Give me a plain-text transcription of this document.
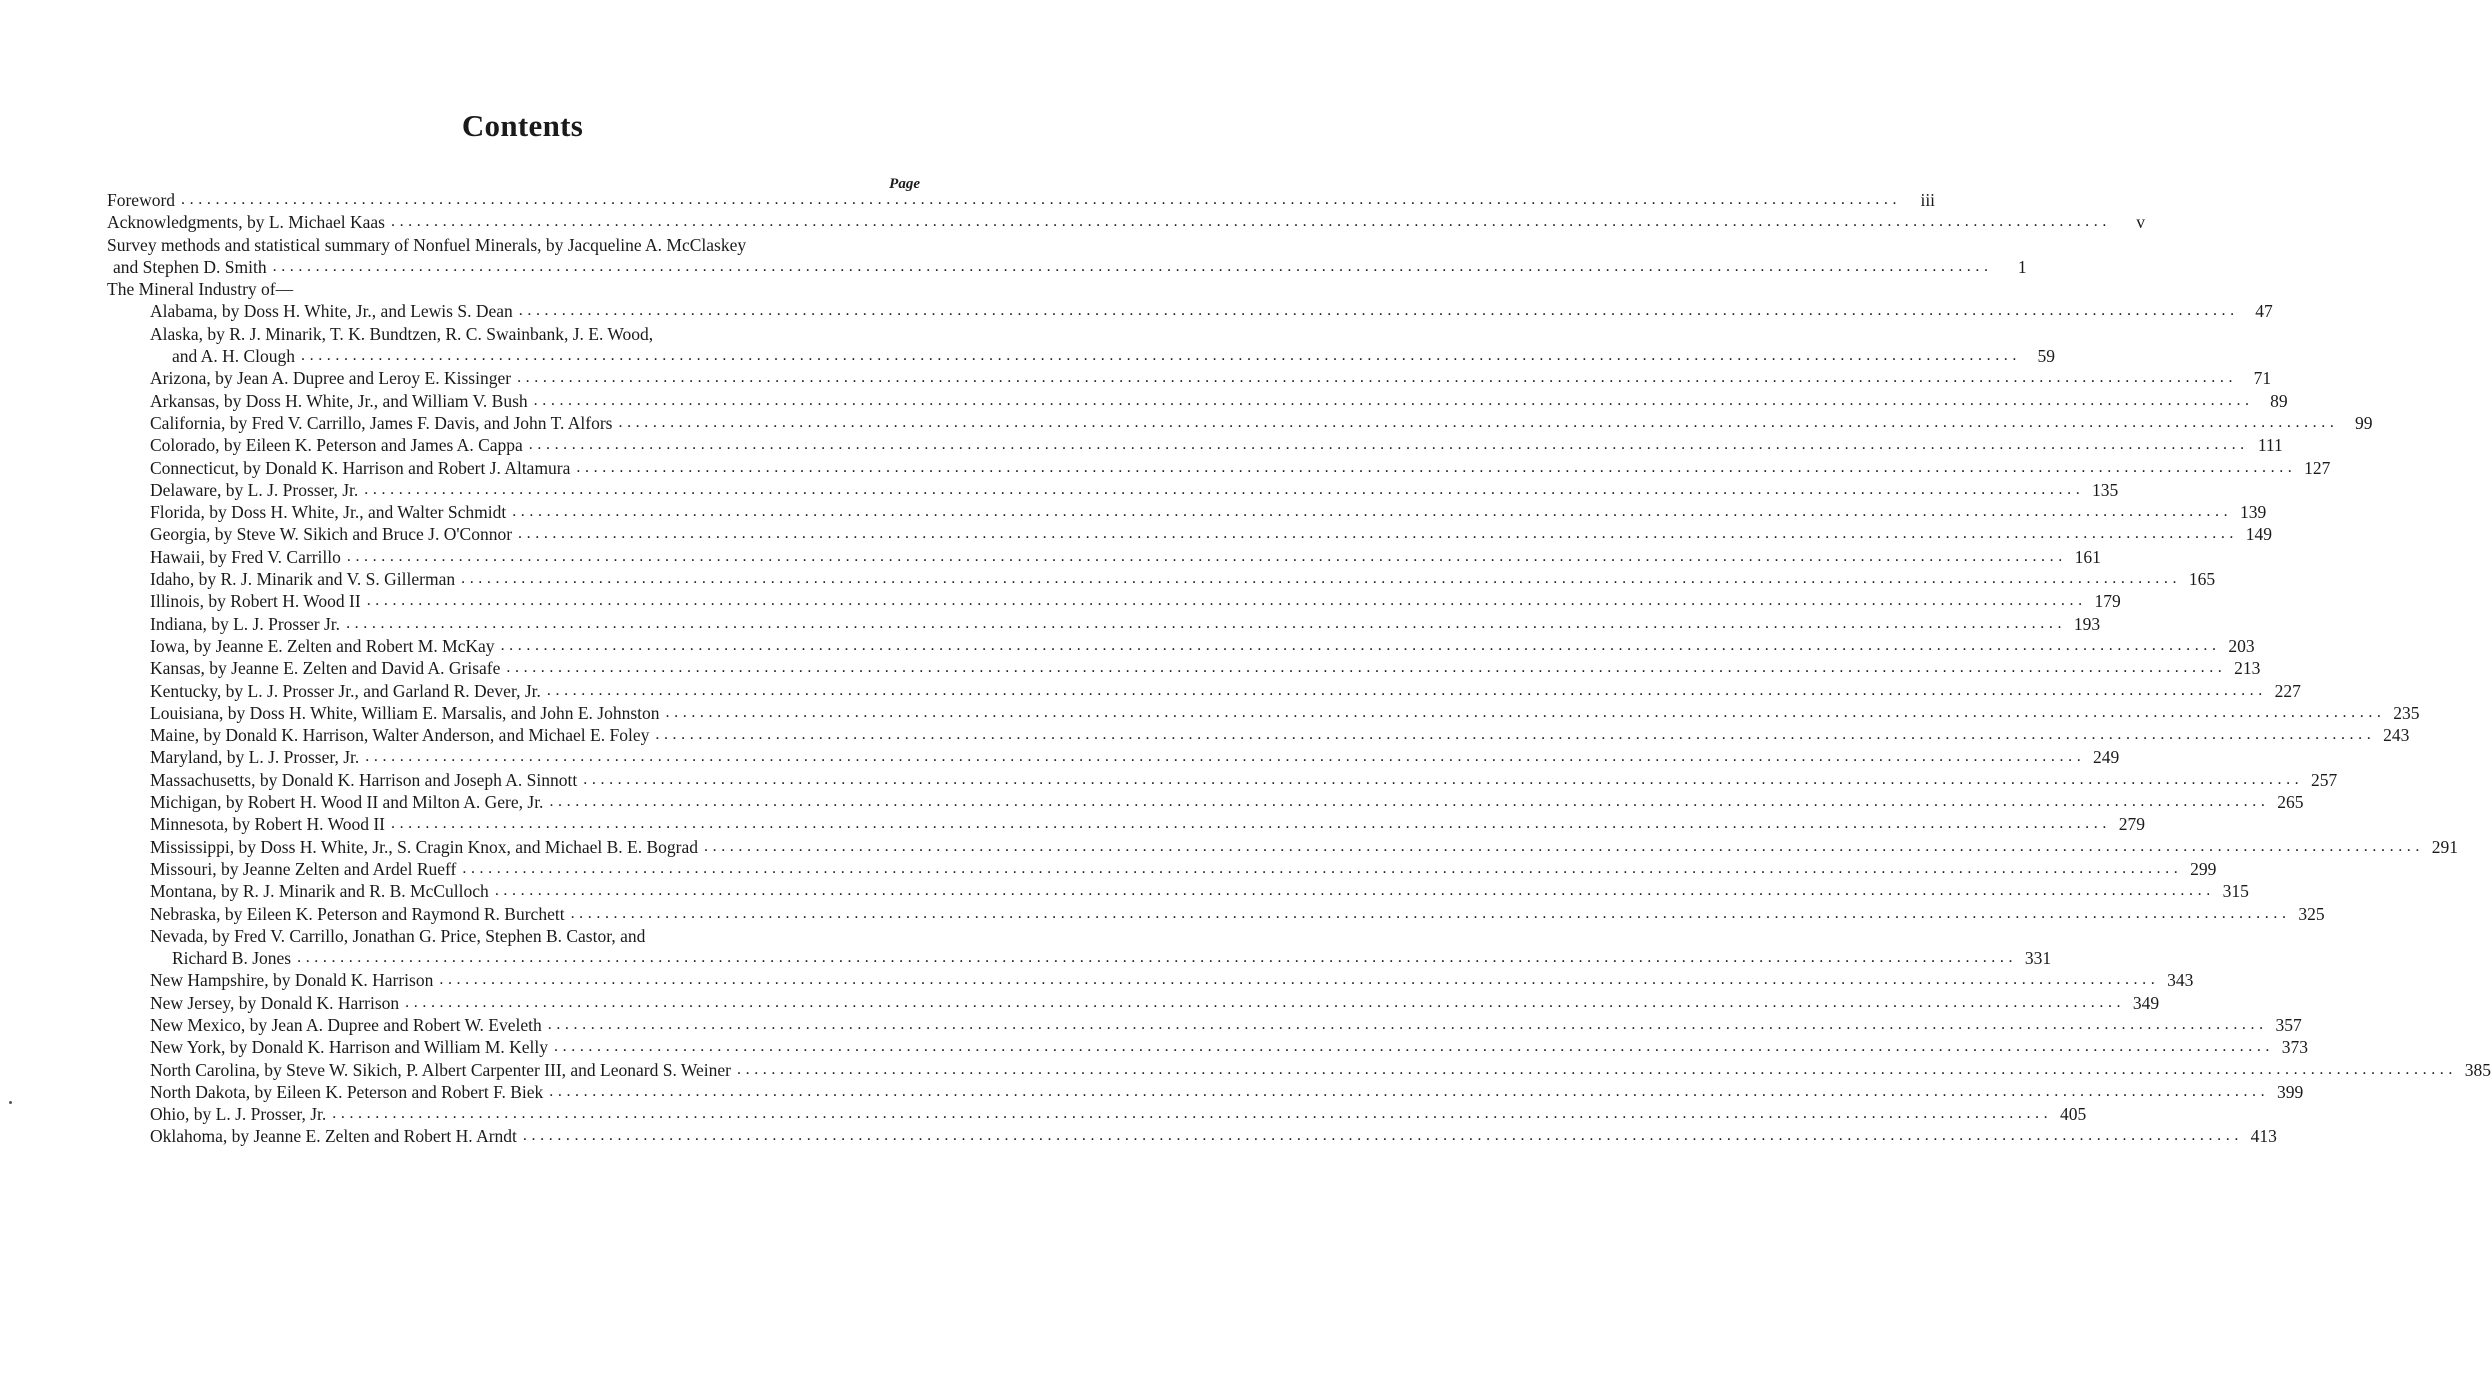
Contents
Page
Foreword ........................................................................................................................................................................................................	iii
Acknowledgments, by L. Michael Kaas ........................................................................................................................................................................................................	v
Survey methods and statistical summary of Nonfuel Minerals, by Jacqueline A. McClaskey
and Stephen D. Smith ........................................................................................................................................................................................................	1
The Mineral Industry of—
Alabama, by Doss H. White, Jr., and Lewis S. Dean ........................................................................................................................................................................................................ 47
Alaska, by R. J. Minarik, T. K. Bundtzen, R. C. Swainbank, J. E. Wood,
and A. H. Clough ........................................................................................................................................................................................................ 59
Arizona, by Jean A. Dupree and Leroy E. Kissinger ........................................................................................................................................................................................................ 71
Arkansas, by Doss H. White, Jr., and William V. Bush ........................................................................................................................................................................................................ 89
California, by Fred V. Carrillo, James F. Davis, and John T. Alfors ........................................................................................................................................................................................................ 99
Colorado, by Eileen K. Peterson and James A. Cappa ........................................................................................................................................................................................................ 111
Connecticut, by Donald K. Harrison and Robert J. Altamura ........................................................................................................................................................................................................ 127
Delaware, by L. J. Prosser, Jr. ........................................................................................................................................................................................................ 135
Florida, by Doss H. White, Jr., and Walter Schmidt ........................................................................................................................................................................................................ 139
Georgia, by Steve W. Sikich and Bruce J. O'Connor ........................................................................................................................................................................................................ 149
Hawaii, by Fred V. Carrillo ........................................................................................................................................................................................................ 161
Idaho, by R. J. Minarik and V. S. Gillerman ........................................................................................................................................................................................................ 165
Illinois, by Robert H. Wood II ........................................................................................................................................................................................................ 179
Indiana, by L. J. Prosser Jr. ........................................................................................................................................................................................................ 193
Iowa, by Jeanne E. Zelten and Robert M. McKay ........................................................................................................................................................................................................ 203
Kansas, by Jeanne E. Zelten and David A. Grisafe ........................................................................................................................................................................................................ 213
Kentucky, by L. J. Prosser Jr., and Garland R. Dever, Jr. ........................................................................................................................................................................................................ 227
Louisiana, by Doss H. White, William E. Marsalis, and John E. Johnston ........................................................................................................................................................................................................ 235
Maine, by Donald K. Harrison, Walter Anderson, and Michael E. Foley ........................................................................................................................................................................................................ 243
Maryland, by L. J. Prosser, Jr. ........................................................................................................................................................................................................ 249
Massachusetts, by Donald K. Harrison and Joseph A. Sinnott ........................................................................................................................................................................................................ 257
Michigan, by Robert H. Wood II and Milton A. Gere, Jr. ........................................................................................................................................................................................................ 265
Minnesota, by Robert H. Wood II ........................................................................................................................................................................................................ 279
Mississippi, by Doss H. White, Jr., S. Cragin Knox, and Michael B. E. Bograd ........................................................................................................................................................................................................ 291
Missouri, by Jeanne Zelten and Ardel Rueff ........................................................................................................................................................................................................ 299
Montana, by R. J. Minarik and R. B. McCulloch ........................................................................................................................................................................................................ 315
Nebraska, by Eileen K. Peterson and Raymond R. Burchett ........................................................................................................................................................................................................ 325
Nevada, by Fred V. Carrillo, Jonathan G. Price, Stephen B. Castor, and
Richard B. Jones ........................................................................................................................................................................................................ 331
New Hampshire, by Donald K. Harrison ........................................................................................................................................................................................................ 343
New Jersey, by Donald K. Harrison ........................................................................................................................................................................................................ 349
New Mexico, by Jean A. Dupree and Robert W. Eveleth ........................................................................................................................................................................................................ 357
New York, by Donald K. Harrison and William M. Kelly ........................................................................................................................................................................................................ 373
North Carolina, by Steve W. Sikich, P. Albert Carpenter III, and Leonard S. Weiner ........................................................................................................................................................................................................ 385
North Dakota, by Eileen K. Peterson and Robert F. Biek ........................................................................................................................................................................................................ 399
Ohio, by L. J. Prosser, Jr. ........................................................................................................................................................................................................ 405
Oklahoma, by Jeanne E. Zelten and Robert H. Arndt ........................................................................................................................................................................................................ 413
